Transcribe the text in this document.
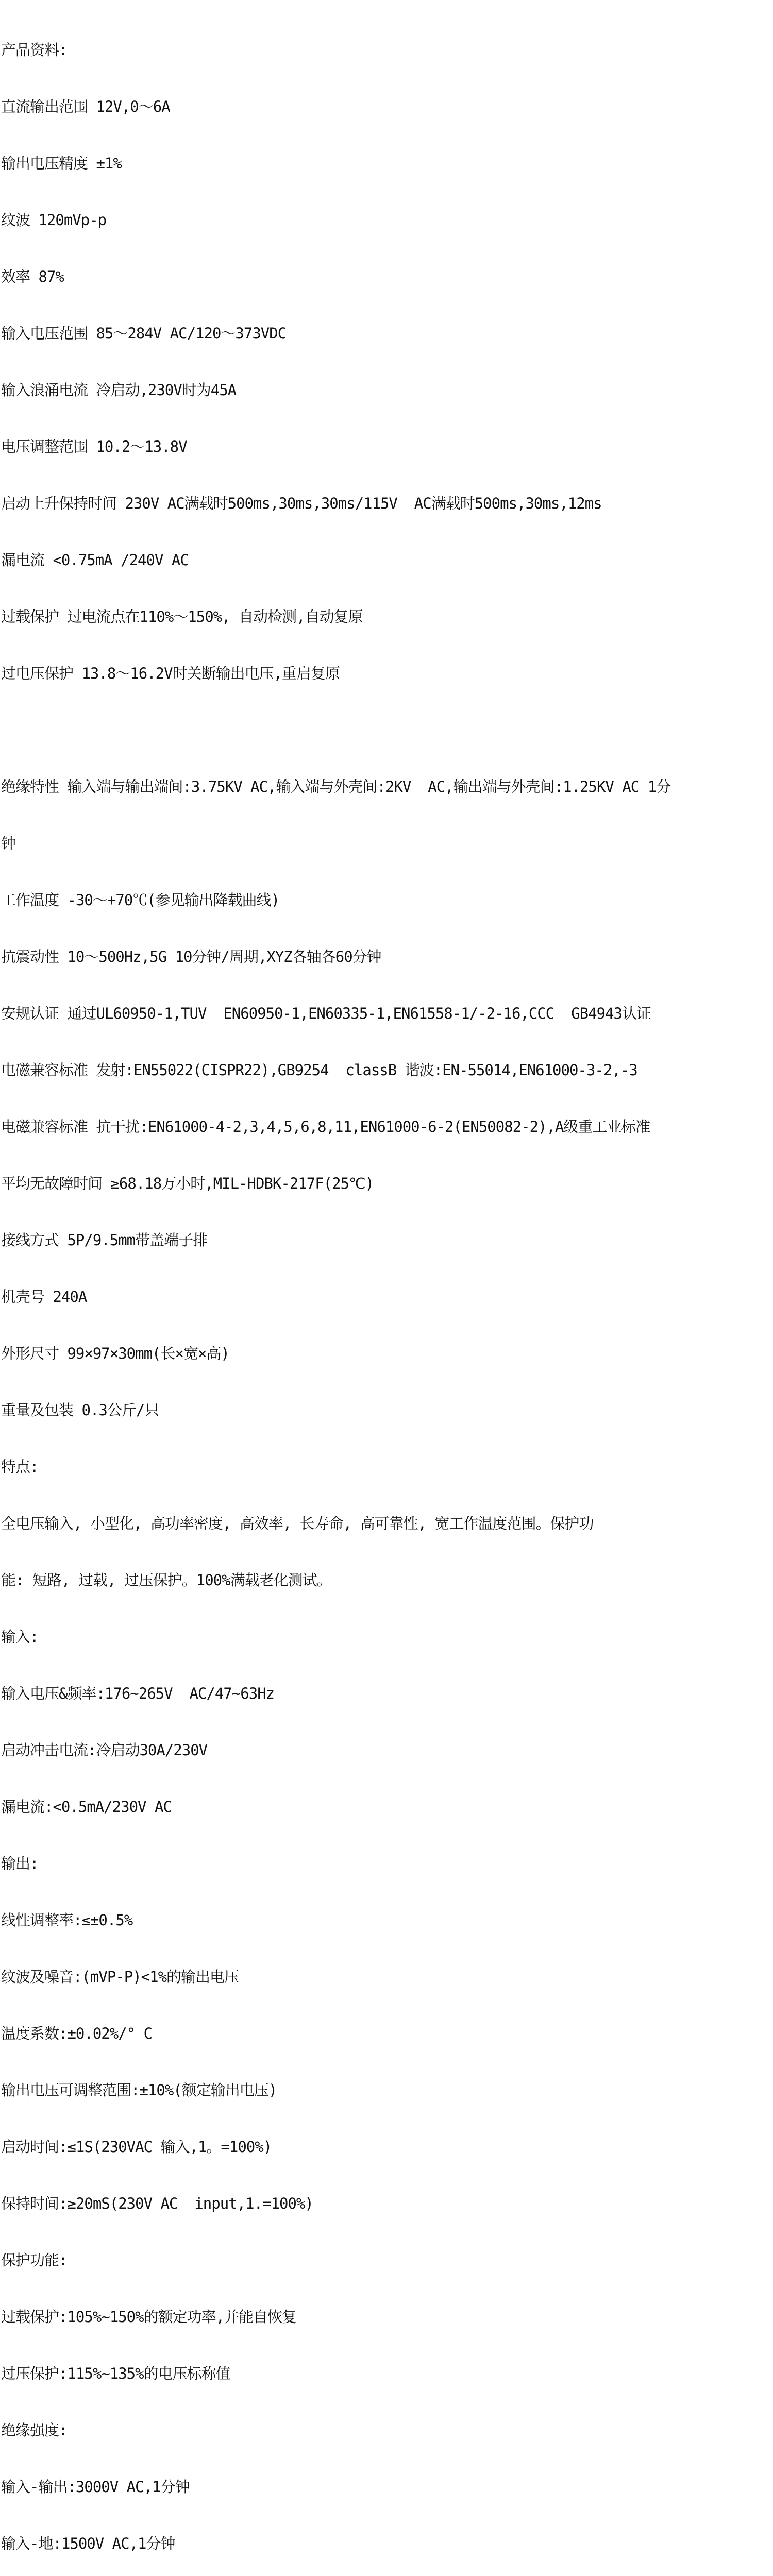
产品资料:

直流输出范围 12V,0～6A

输出电压精度 ±1%

纹波 120mVp-p

效率 87%

输入电压范围 85～284V AC/120～373VDC

输入浪涌电流 冷启动,230V时为45A

电压调整范围 10.2～13.8V

启动上升保持时间 230V AC满载时500ms,30ms,30ms/115V  AC满载时500ms,30ms,12ms

漏电流 <0.75mA /240V AC

过载保护 过电流点在110%～150%, 自动检测,自动复原

过电压保护 13.8～16.2V时关断输出电压,重启复原

绝缘特性 输入端与输出端间:3.75KV AC,输入端与外壳间:2KV  AC,输出端与外壳间:1.25KV AC 1分

钟

工作温度 -30～+70℃(参见输出降载曲线)

抗震动性 10～500Hz,5G 10分钟/周期,XYZ各轴各60分钟

安规认证 通过UL60950-1,TUV  EN60950-1,EN60335-1,EN61558-1/-2-16,CCC  GB4943认证

电磁兼容标准 发射:EN55022(CISPR22),GB9254  classB 谐波:EN-55014,EN61000-3-2,-3

电磁兼容标准 抗干扰:EN61000-4-2,3,4,5,6,8,11,EN61000-6-2(EN50082-2),A级重工业标准

平均无故障时间 ≥68.18万小时,MIL-HDBK-217F(25℃)

接线方式 5P/9.5mm带盖端子排

机壳号 240A

外形尺寸 99×97×30mm(长×宽×高)

重量及包装 0.3公斤/只

特点:

全电压输入, 小型化, 高功率密度, 高效率, 长寿命, 高可靠性, 宽工作温度范围。保护功

能: 短路, 过载, 过压保护。100%满载老化测试。

输入:

输入电压&频率:176~265V  AC/47~63Hz

启动冲击电流:冷启动30A/230V

漏电流:<0.5mA/230V AC

输出:

线性调整率:≤±0.5%

纹波及噪音:(mVP-P)<1%的输出电压

温度系数:±0.02%/° C

输出电压可调整范围:±10%(额定输出电压)

启动时间:≤1S(230VAC 输入,1。=100%)

保持时间:≥20mS(230V AC  input,1.=100%)

保护功能:

过载保护:105%~150%的额定功率,并能自恢复

过压保护:115%~135%的电压标称值

绝缘强度:

输入-输出:3000V AC,1分钟

输入-地:1500V AC,1分钟
